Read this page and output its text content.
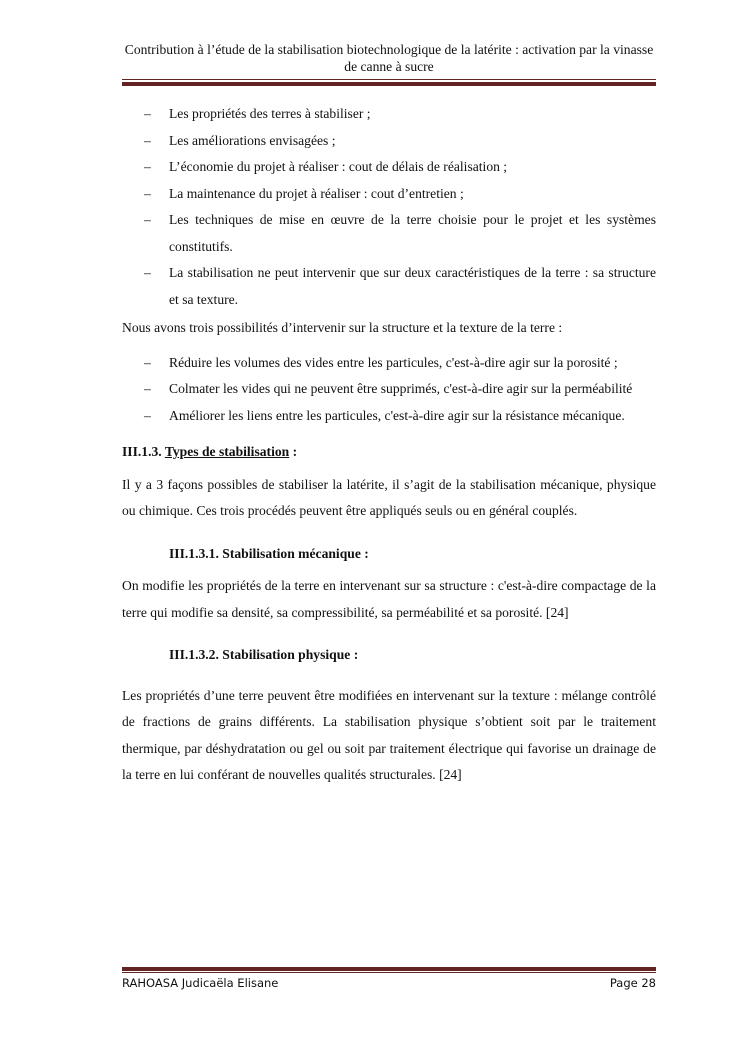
Contribution à l’étude de la stabilisation biotechnologique de la latérite : activation par la vinasse de canne à sucre
– Les propriétés des terres à stabiliser ;
– Les améliorations envisagées ;
– L’économie du projet à réaliser : cout de délais de réalisation ;
– La maintenance du projet à réaliser : cout d’entretien ;
– Les techniques de mise en œuvre de la terre choisie pour le projet et les systèmes constitutifs.
– La stabilisation ne peut intervenir que sur deux caractéristiques de la terre : sa structure et sa texture.

Nous avons trois possibilités d’intervenir sur la structure et la texture de la terre :

– Réduire les volumes des vides entre les particules, c'est-à-dire agir sur la porosité ;
– Colmater les vides qui ne peuvent être supprimés, c'est-à-dire agir sur la perméabilité
– Améliorer les liens entre les particules, c'est-à-dire agir sur la résistance mécanique.

III.1.3. Types de stabilisation :

Il y a 3 façons possibles de stabiliser la latérite, il s’agit de la stabilisation mécanique, physique ou chimique. Ces trois procédés peuvent être appliqués seuls ou en général couplés.

III.1.3.1. Stabilisation mécanique :

On modifie les propriétés de la terre en intervenant sur sa structure : c'est-à-dire compactage de la terre qui modifie sa densité, sa compressibilité, sa perméabilité et sa porosité. [24]

III.1.3.2. Stabilisation physique :

Les propriétés d’une terre peuvent être modifiées en intervenant sur la texture : mélange contrôlé de fractions de grains différents. La stabilisation physique s’obtient soit par le traitement thermique, par déshydratation ou gel ou soit par traitement électrique qui favorise un drainage de la terre en lui conférant de nouvelles qualités structurales. [24]

RAHOASA Judicaëla Elisane	Page 28
